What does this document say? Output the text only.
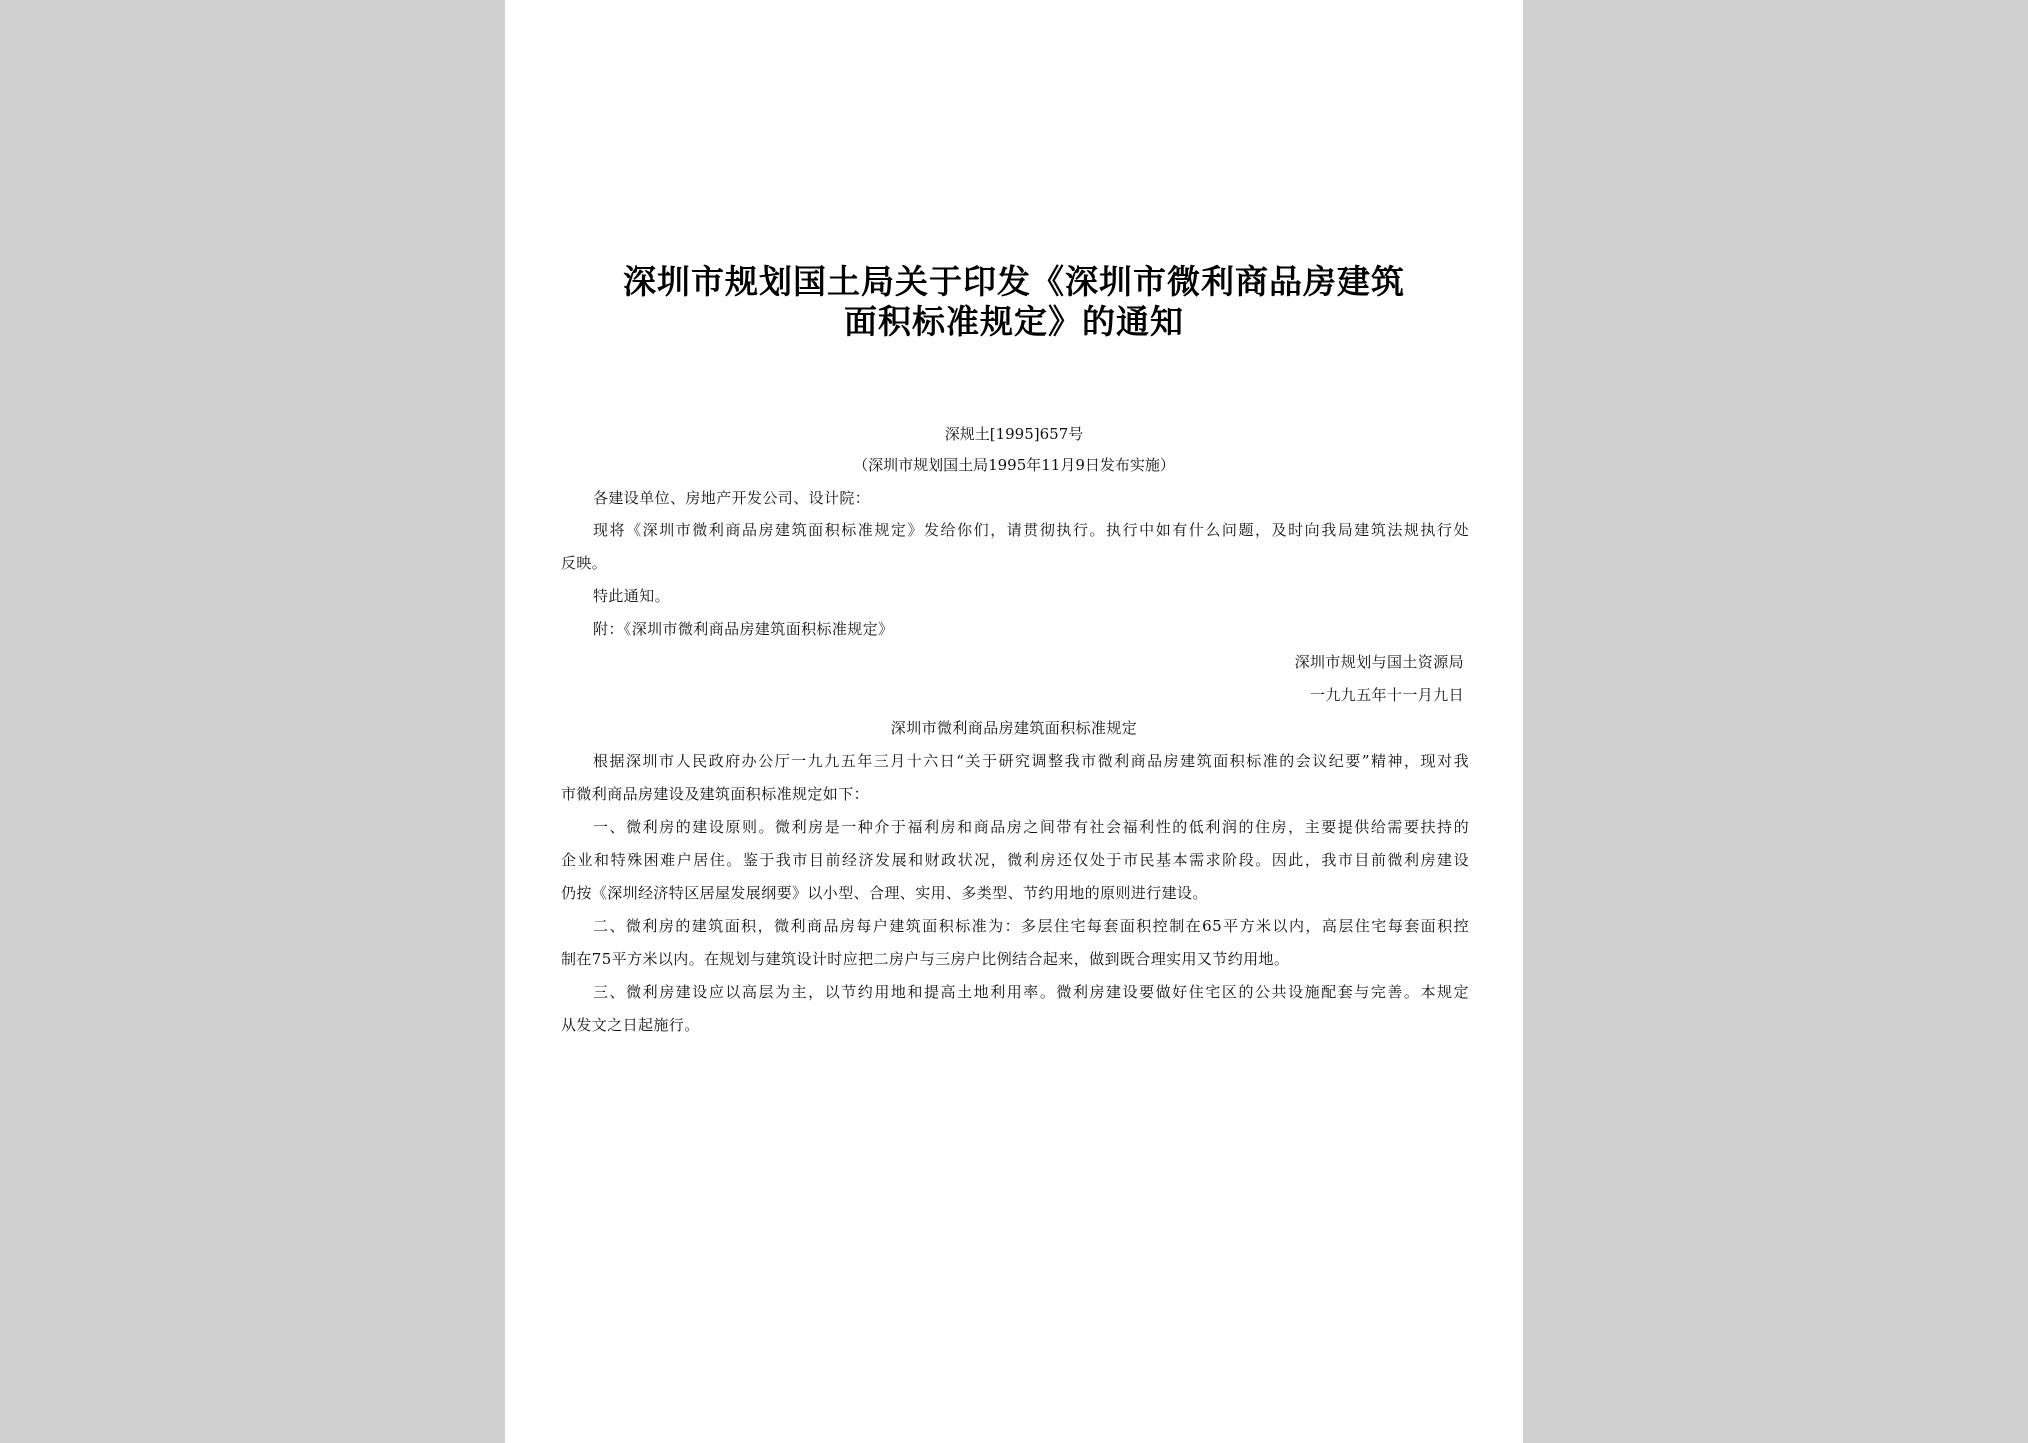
深圳市规划国土局关于印发《深圳市微利商品房建筑
面积标准规定》的通知
深规土[1995]657号
（深圳市规划国土局1995年11月9日发布实施）
各建设单位、房地产开发公司、设计院：
现将《深圳市微利商品房建筑面积标准规定》发给你们，请贯彻执行。执行中如有什么问题，及时向我局建筑法规执行处
反映。
特此通知。
附：《深圳市微利商品房建筑面积标准规定》
深圳市规划与国土资源局
一九九五年十一月九日
深圳市微利商品房建筑面积标准规定
根据深圳市人民政府办公厅一九九五年三月十六日“关于研究调整我市微利商品房建筑面积标准的会议纪要”精神，现对我
市微利商品房建设及建筑面积标准规定如下：
一、微利房的建设原则。微利房是一种介于福利房和商品房之间带有社会福利性的低利润的住房，主要提供给需要扶持的
企业和特殊困难户居住。鉴于我市目前经济发展和财政状况，微利房还仅处于市民基本需求阶段。因此，我市目前微利房建设
仍按《深圳经济特区居屋发展纲要》以小型、合理、实用、多类型、节约用地的原则进行建设。
二、微利房的建筑面积，微利商品房每户建筑面积标准为：多层住宅每套面积控制在65平方米以内，高层住宅每套面积控
制在75平方米以内。在规划与建筑设计时应把二房户与三房户比例结合起来，做到既合理实用又节约用地。
三、微利房建设应以高层为主，以节约用地和提高土地利用率。微利房建设要做好住宅区的公共设施配套与完善。本规定
从发文之日起施行。
